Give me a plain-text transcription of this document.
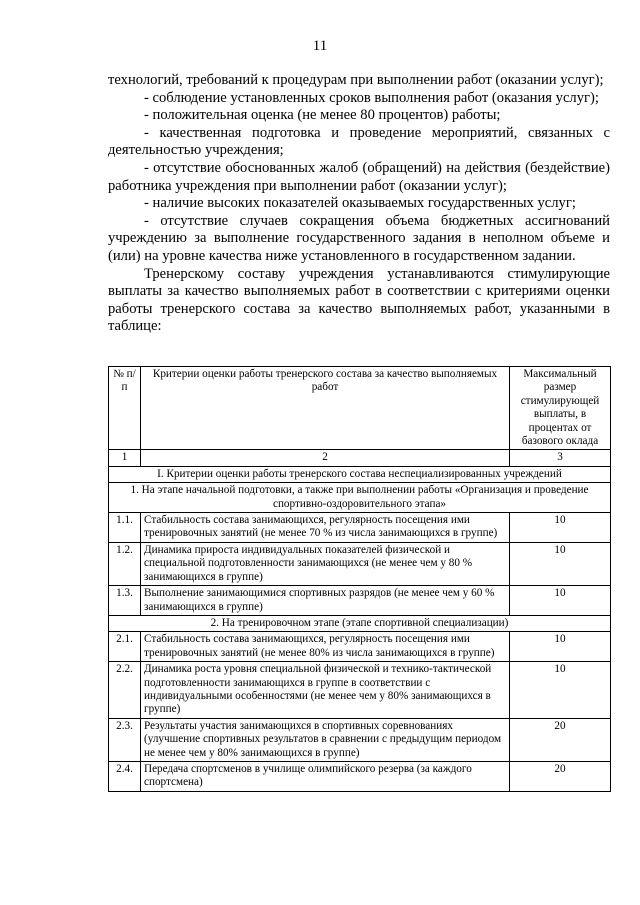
11

технологий, требований к процедурам при выполнении работ (оказании услуг);

- соблюдение установленных сроков выполнения работ (оказания услуг);

- положительная оценка (не менее 80 процентов) работы;

- качественная подготовка и проведение мероприятий, связанных с деятельностью учреждения;

- отсутствие обоснованных жалоб (обращений) на действия (бездействие) работника учреждения при выполнении работ (оказании услуг);

- наличие высоких показателей оказываемых государственных услуг;

- отсутствие случаев сокращения объема бюджетных ассигнований учреждению за выполнение государственного задания в неполном объеме и (или) на уровне качества ниже установленного в государственном задании.

Тренерскому составу учреждения устанавливаются стимулирующие выплаты за качество выполняемых работ в соответствии с критериями оценки работы тренерского состава за качество выполняемых работ, указанными в таблице:

№ п/п	Критерии оценки работы тренерского состава за качество выполняемых работ	Максимальный размер стимулирующей выплаты, в процентах от базового оклада
1	2	3
I. Критерии оценки работы тренерского состава неспециализированных учреждений		
1. На этапе начальной подготовки, а также при выполнении работы «Организация и проведение спортивно-оздоровительного этапа»		
1.1.	Стабильность состава занимающихся, регулярность посещения ими тренировочных занятий (не менее 70 % из числа занимающихся в группе)	10
1.2.	Динамика прироста индивидуальных показателей физической и специальной подготовленности занимающихся (не менее чем у 80 % занимающихся в группе)	10
1.3.	Выполнение занимающимися спортивных разрядов (не менее чем у 60 % занимающихся в группе)	10
2. На тренировочном этапе (этапе спортивной специализации)		
2.1.	Стабильность состава занимающихся, регулярность посещения ими тренировочных занятий (не менее 80% из числа занимающихся в группе)	10
2.2.	Динамика роста уровня специальной физической и технико-тактической подготовленности занимающихся в группе в соответствии с индивидуальными особенностями (не менее чем у 80% занимающихся в группе)	10
2.3.	Результаты участия занимающихся в спортивных соревнованиях (улучшение спортивных результатов в сравнении с предыдущим периодом не менее чем у 80% занимающихся в группе)	20
2.4.	Передача спортсменов в училище олимпийского резерва (за каждого спортсмена)	20
